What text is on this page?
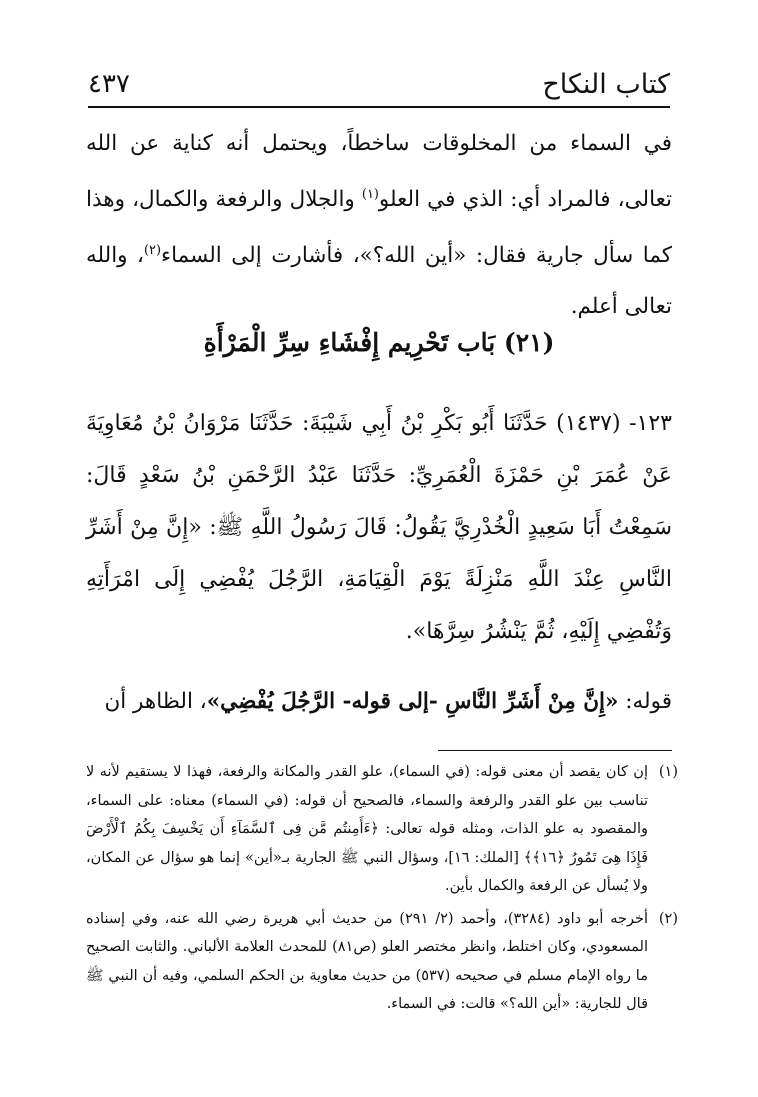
كتاب النكاح
٤٣٧
في السماء من المخلوقات ساخطاً، ويحتمل أنه كناية عن الله تعالى، فالمراد أي: الذي في العلو$^{(١)}$ والجلال والرفعة والكمال، وهذا كما سأل جارية فقال: «أين الله؟»، فأشارت إلى السماء$^{(٢)}$، والله تعالى أعلم.
(٢١) بَاب تَحْرِيم إِفْشَاءِ سِرِّ الْمَرْأَةِ
١٢٣- (١٤٣٧) حَدَّثَنَا أَبُو بَكْرِ بْنُ أَبِي شَيْبَةَ: حَدَّثَنَا مَرْوَانُ بْنُ مُعَاوِيَةَ عَنْ عُمَرَ بْنِ حَمْزَةَ الْعُمَرِيِّ: حَدَّثَنَا عَبْدُ الرَّحْمَنِ بْنُ سَعْدٍ قَالَ: سَمِعْتُ أَبَا سَعِيدٍ الْخُدْرِيَّ يَقُولُ: قَالَ رَسُولُ اللَّهِ ﷺ: «إِنَّ مِنْ أَشَرِّ النَّاسِ عِنْدَ اللَّهِ مَنْزِلَةً يَوْمَ الْقِيَامَةِ، الرَّجُلَ يُفْضِي إِلَى امْرَأَتِهِ وَتُفْضِي إِلَيْهِ، ثُمَّ يَنْشُرُ سِرَّهَا».
قوله: «إِنَّ مِنْ أَشَرِّ النَّاسِ -إلى قوله- الرَّجُلَ يُفْضِي»، الظاهر أن
(١)
إن كان يقصد أن معنى قوله: (في السماء)، علو القدر والمكانة والرفعة، فهذا لا يستقيم لأنه لا تناسب بين علو القدر والرفعة والسماء، فالصحيح أن قوله: (في السماء) معناه: على السماء، والمقصود به علو الذات، ومثله قوله تعالى: ﴿ءَأَمِنتُم مَّن فِى ٱلسَّمَآءِ أَن يَخْسِفَ بِكُمُ ٱلْأَرْضَ فَإِذَا هِىَ تَمُورُ ﴿١٦﴾﴾ [الملك: ١٦]، وسؤال النبي ﷺ الجارية بـ«أين» إنما هو سؤال عن المكان، ولا يُسأل عن الرفعة والكمال بأين.
(٢)
أخرجه أبو داود (٣٢٨٤)، وأحمد (٢/ ٢٩١) من حديث أبي هريرة رضي الله عنه، وفي إسناده المسعودي، وكان اختلط، وانظر مختصر العلو (ص٨١) للمحدث العلامة الألباني. والثابت الصحيح ما رواه الإمام مسلم في صحيحه (٥٣٧) من حديث معاوية بن الحكم السلمي، وفيه أن النبي ﷺ قال للجارية: «أين الله؟» قالت: في السماء.
